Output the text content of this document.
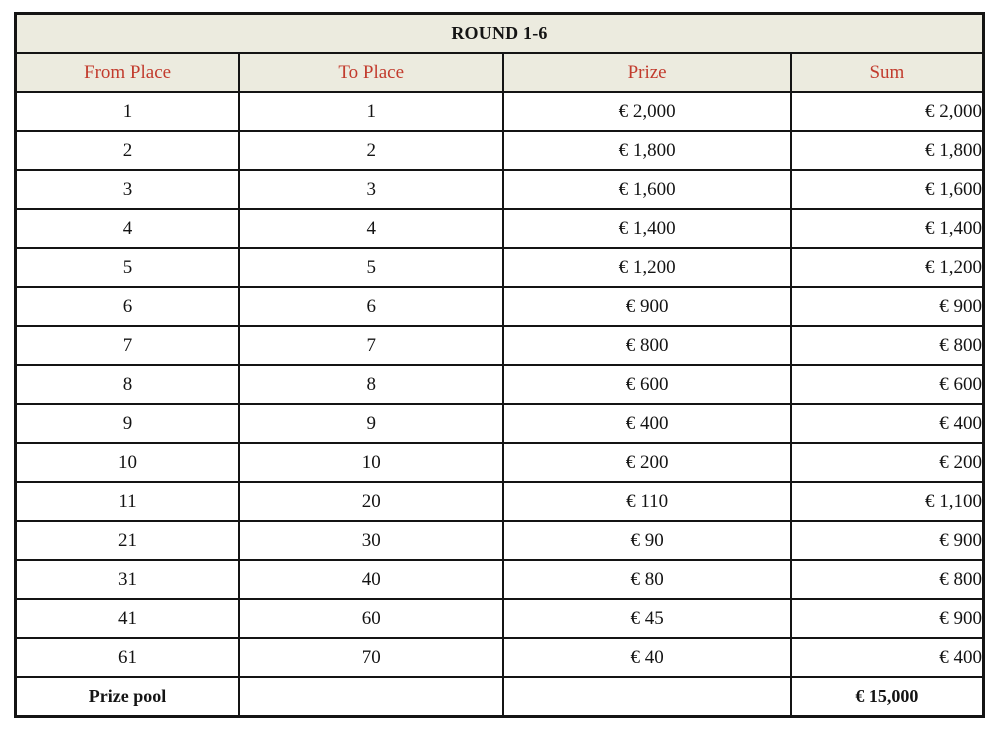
ROUND 1-6			
From Place	To Place	Prize	Sum
1	1	€ 2,000	€ 2,000
2	2	€ 1,800	€ 1,800
3	3	€ 1,600	€ 1,600
4	4	€ 1,400	€ 1,400
5	5	€ 1,200	€ 1,200
6	6	€ 900	€ 900
7	7	€ 800	€ 800
8	8	€ 600	€ 600
9	9	€ 400	€ 400
10	10	€ 200	€ 200
11	20	€ 110	€ 1,100
21	30	€ 90	€ 900
31	40	€ 80	€ 800
41	60	€ 45	€ 900
61	70	€ 40	€ 400
Prize pool			€ 15,000
